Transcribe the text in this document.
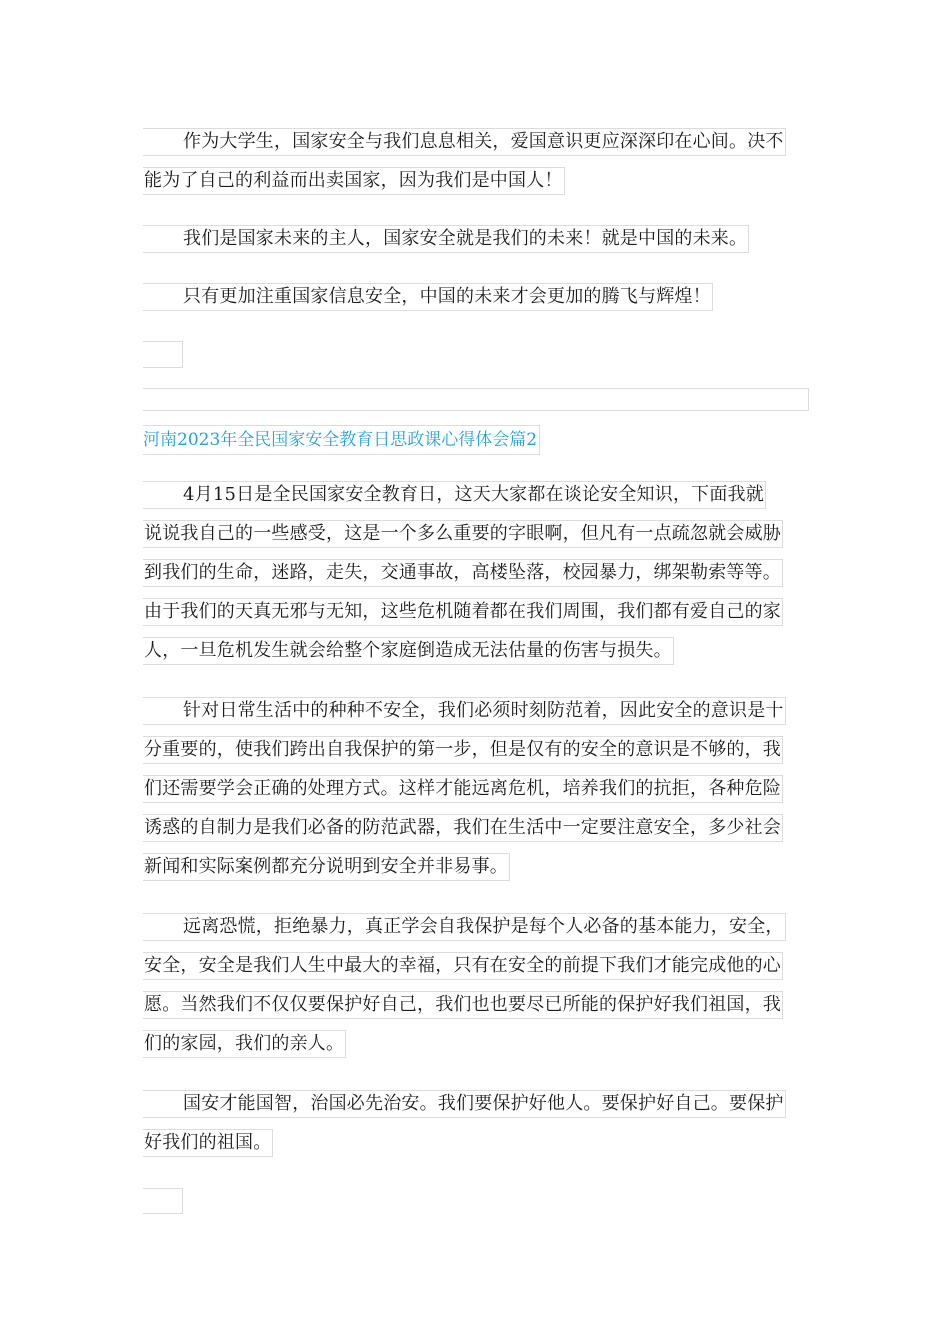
作为大学生，国家安全与我们息息相关，爱国意识更应深深印在心间。决不
能为了自己的利益而出卖国家，因为我们是中国人！
我们是国家未来的主人，国家安全就是我们的未来！就是中国的未来。
只有更加注重国家信息安全，中国的未来才会更加的腾飞与辉煌！
河南2023年全民国家安全教育日思政课心得体会篇2
4月15日是全民国家安全教育日，这天大家都在谈论安全知识，下面我就
说说我自己的一些感受，这是一个多么重要的字眼啊，但凡有一点疏忽就会威胁
到我们的生命，迷路，走失，交通事故，高楼坠落，校园暴力，绑架勒索等等。
由于我们的天真无邪与无知，这些危机随着都在我们周围，我们都有爱自己的家
人，一旦危机发生就会给整个家庭倒造成无法估量的伤害与损失。
针对日常生活中的种种不安全，我们必须时刻防范着，因此安全的意识是十
分重要的，使我们跨出自我保护的第一步，但是仅有的安全的意识是不够的，我
们还需要学会正确的处理方式。这样才能远离危机，培养我们的抗拒，各种危险
诱惑的自制力是我们必备的防范武器，我们在生活中一定要注意安全，多少社会
新闻和实际案例都充分说明到安全并非易事。
远离恐慌，拒绝暴力，真正学会自我保护是每个人必备的基本能力，安全，
安全，安全是我们人生中最大的幸福，只有在安全的前提下我们才能完成他的心
愿。当然我们不仅仅要保护好自己，我们也也要尽已所能的保护好我们祖国，我
们的家园，我们的亲人。
国安才能国智，治国必先治安。我们要保护好他人。要保护好自己。要保护
好我们的祖国。
